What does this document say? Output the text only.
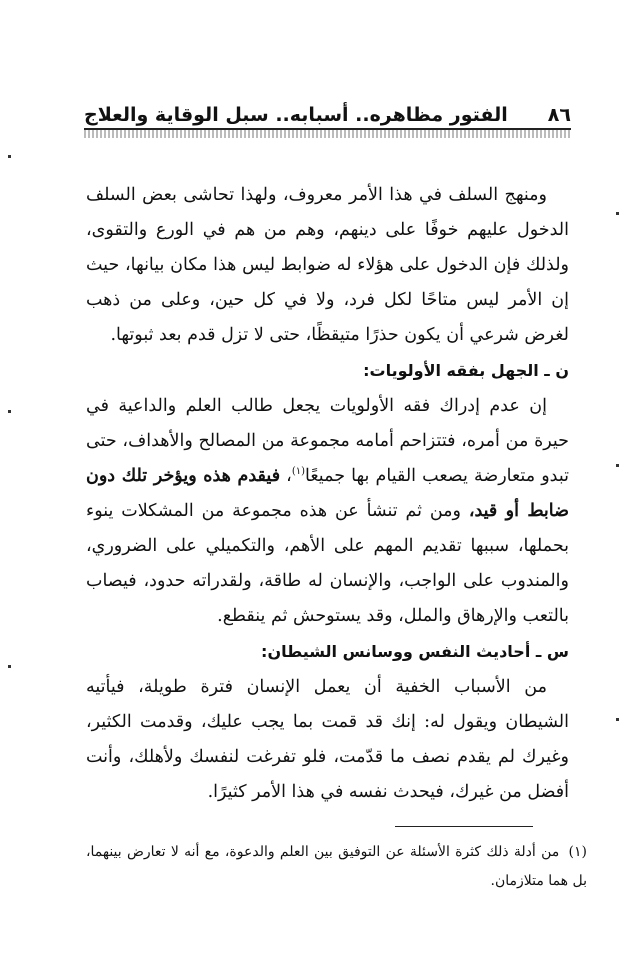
٨٦
الفتور مظاهره.. أسبابه.. سبل الوقاية والعلاج

ومنهج السلف في هذا الأمر معروف، ولهذا تحاشى بعض السلف الدخول عليهم خوفًا على دينهم، وهم من هم في الورع والتقوى، ولذلك فإن الدخول على هؤلاء له ضوابط ليس هذا مكان بيانها، حيث إن الأمر ليس متاحًا لكل فرد، ولا في كل حين، وعلى من ذهب لغرض شرعي أن يكون حذرًا متيقظًا، حتى لا تزل قدم بعد ثبوتها.

ن ـ الجهل بفقه الأولويات:

إن عدم إدراك فقه الأولويات يجعل طالب العلم والداعية في حيرة من أمره، فتتزاحم أمامه مجموعة من المصالح والأهداف، حتى تبدو متعارضة يصعب القيام بها جميعًا$^{(١)}$، فيقدم هذه ويؤخر تلك دون ضابط أو قيد، ومن ثم تنشأ عن هذه مجموعة من المشكلات ينوء بحملها، سببها تقديم المهم على الأهم، والتكميلي على الضروري، والمندوب على الواجب، والإنسان له طاقة، ولقدراته حدود، فيصاب بالتعب والإرهاق والملل، وقد يستوحش ثم ينقطع.

س ـ أحاديث النفس ووسانس الشيطان:

من الأسباب الخفية أن يعمل الإنسان فترة طويلة، فيأتيه الشيطان ويقول له: إنك قد قمت بما يجب عليك، وقدمت الكثير، وغيرك لم يقدم نصف ما قدّمت، فلو تفرغت لنفسك ولأهلك، وأنت أفضل من غيرك، فيحدث نفسه في هذا الأمر كثيرًا.

(١) من أدلة ذلك كثرة الأسئلة عن التوفيق بين العلم والدعوة، مع أنه لا تعارض بينهما، بل هما متلازمان.
